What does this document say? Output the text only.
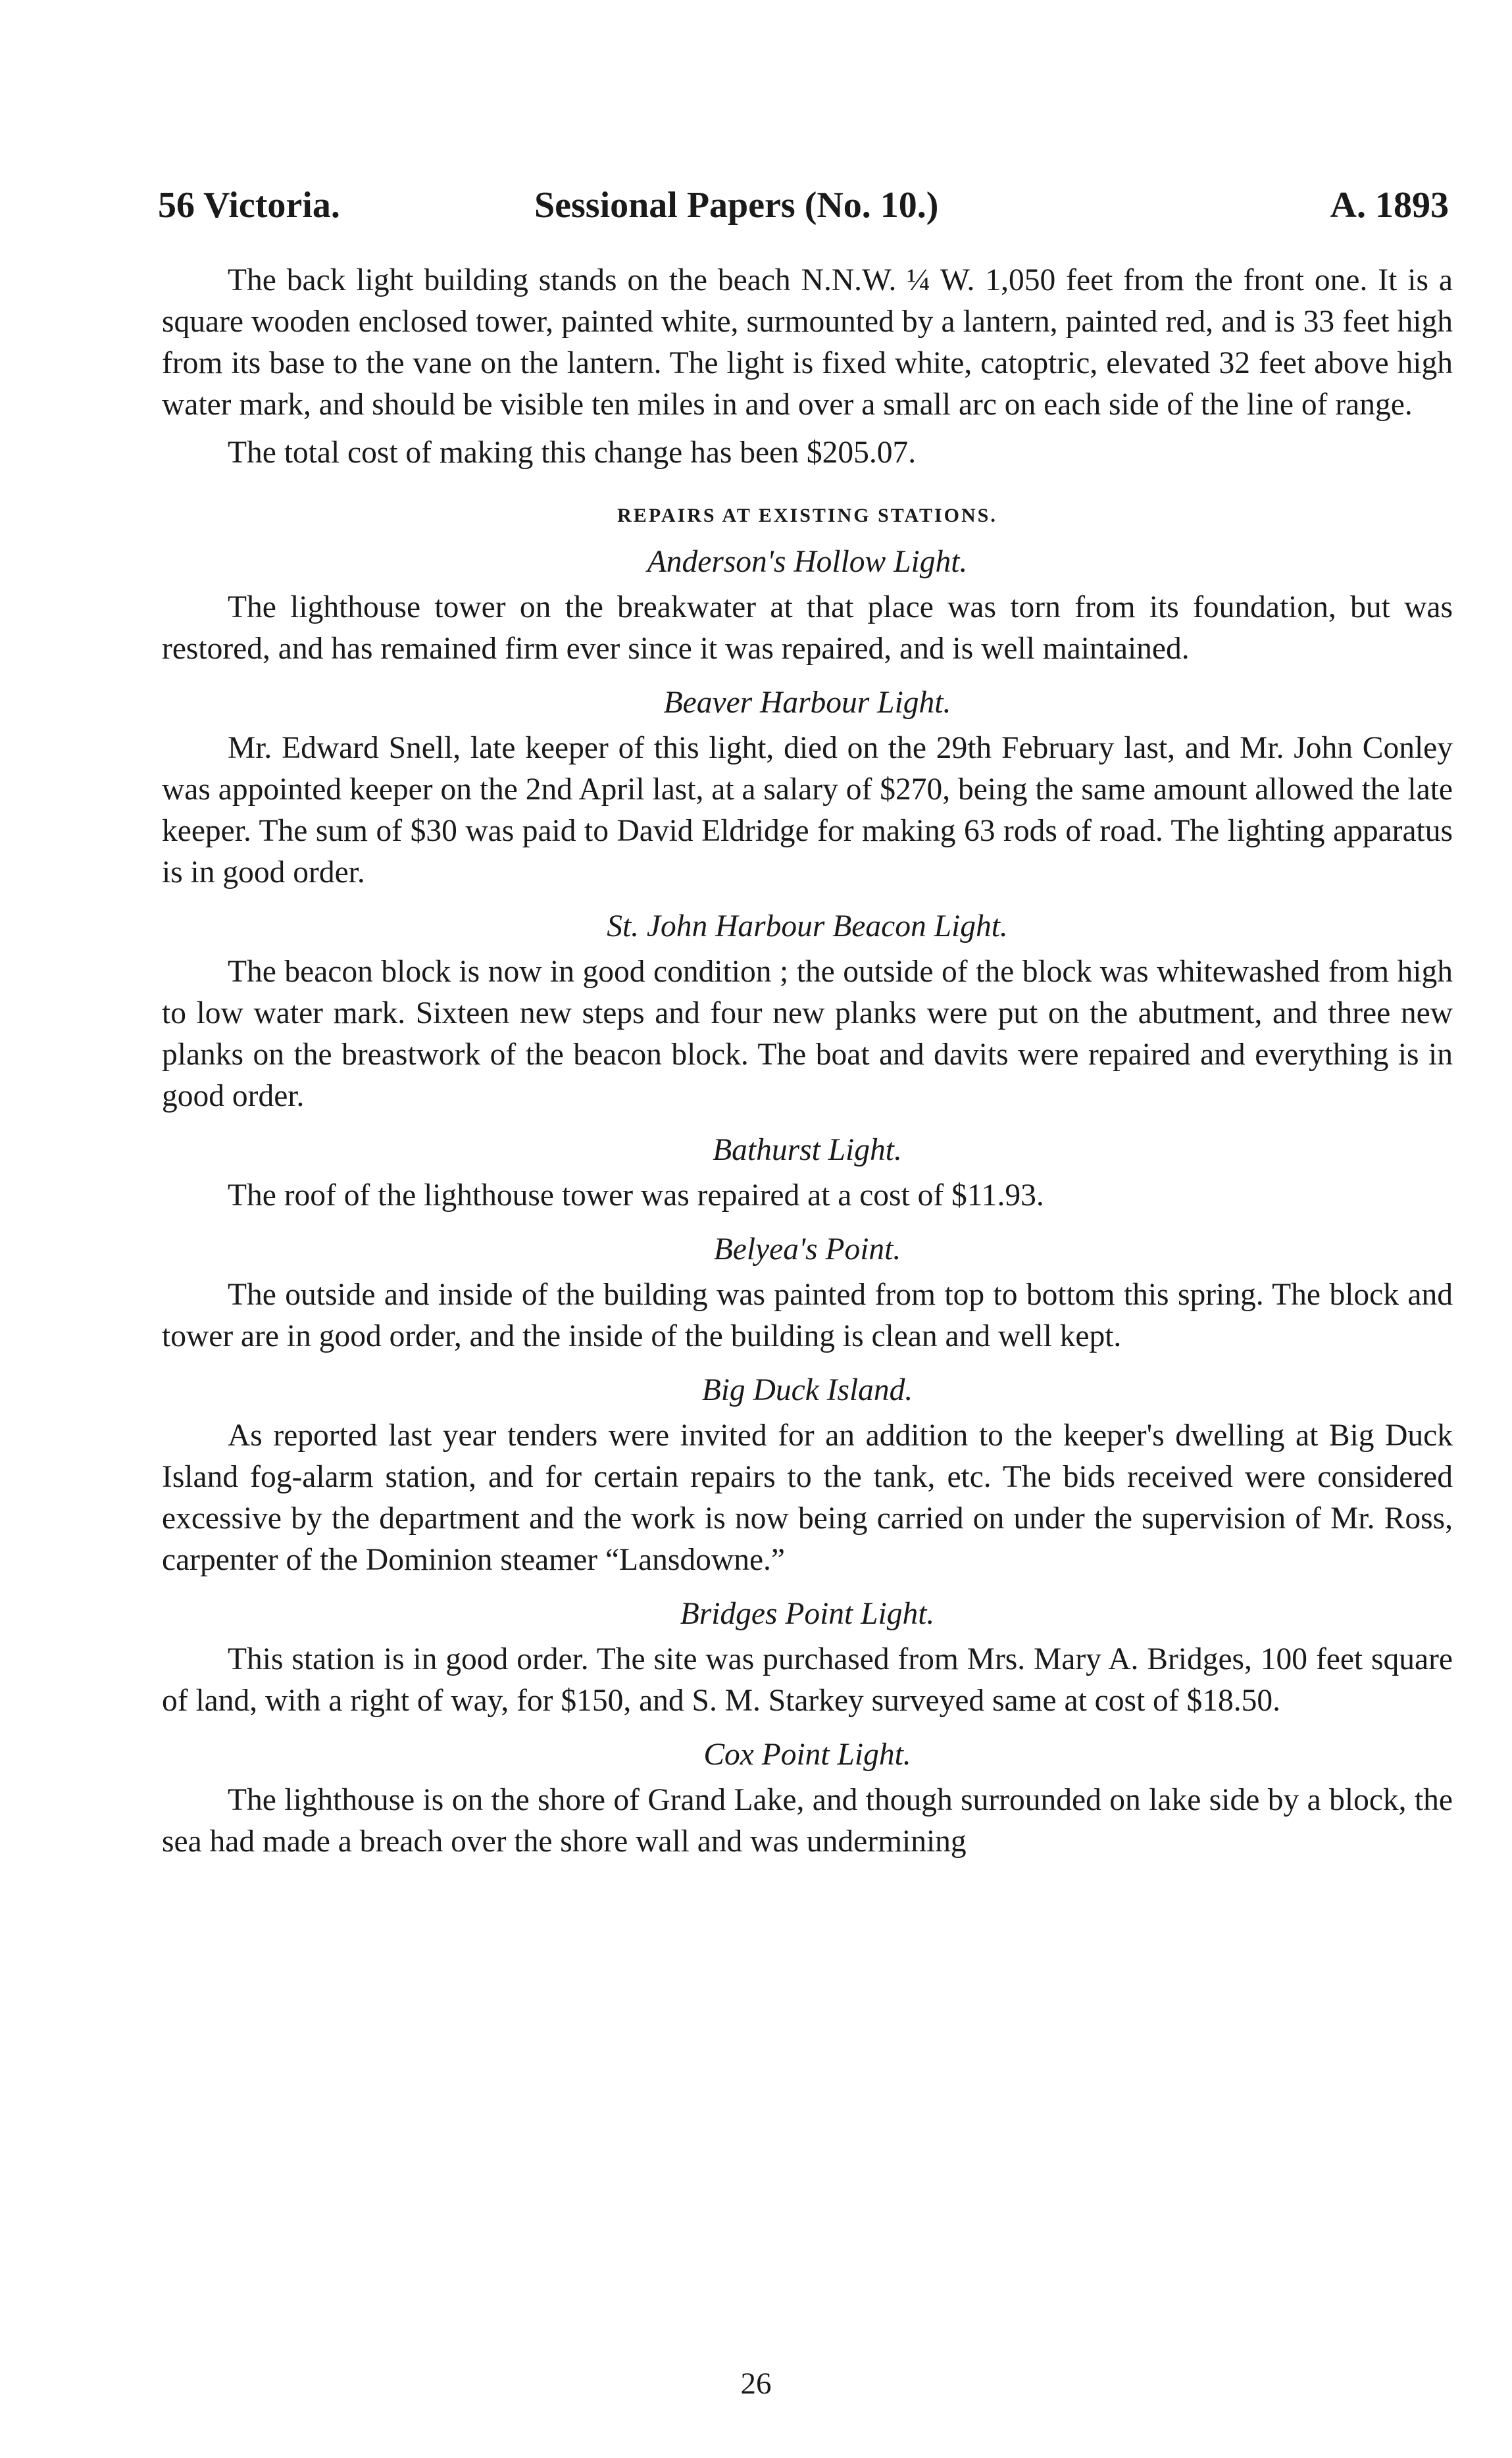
56 Victoria.	Sessional Papers (No. 10.)	A. 1893

The back light building stands on the beach N.N.W. ¼ W. 1,050 feet from the front one. It is a square wooden enclosed tower, painted white, surmounted by a lantern, painted red, and is 33 feet high from its base to the vane on the lantern. The light is fixed white, catoptric, elevated 32 feet above high water mark, and should be visible ten miles in and over a small arc on each side of the line of range.

The total cost of making this change has been $205.07.

REPAIRS AT EXISTING STATIONS.
Anderson's Hollow Light.

The lighthouse tower on the breakwater at that place was torn from its foundation, but was restored, and has remained firm ever since it was repaired, and is well maintained.

Beaver Harbour Light.

Mr. Edward Snell, late keeper of this light, died on the 29th February last, and Mr. John Conley was appointed keeper on the 2nd April last, at a salary of $270, being the same amount allowed the late keeper. The sum of $30 was paid to David Eldridge for making 63 rods of road. The lighting apparatus is in good order.

St. John Harbour Beacon Light.

The beacon block is now in good condition ; the outside of the block was whitewashed from high to low water mark. Sixteen new steps and four new planks were put on the abutment, and three new planks on the breastwork of the beacon block. The boat and davits were repaired and everything is in good order.

Bathurst Light.

The roof of the lighthouse tower was repaired at a cost of $11.93.

Belyea's Point.

The outside and inside of the building was painted from top to bottom this spring. The block and tower are in good order, and the inside of the building is clean and well kept.

Big Duck Island.

As reported last year tenders were invited for an addition to the keeper's dwelling at Big Duck Island fog-alarm station, and for certain repairs to the tank, etc. The bids received were considered excessive by the department and the work is now being carried on under the supervision of Mr. Ross, carpenter of the Dominion steamer “Lansdowne.”

Bridges Point Light.

This station is in good order. The site was purchased from Mrs. Mary A. Bridges, 100 feet square of land, with a right of way, for $150, and S. M. Starkey surveyed same at cost of $18.50.

Cox Point Light.

The lighthouse is on the shore of Grand Lake, and though surrounded on lake side by a block, the sea had made a breach over the shore wall and was undermining

26
